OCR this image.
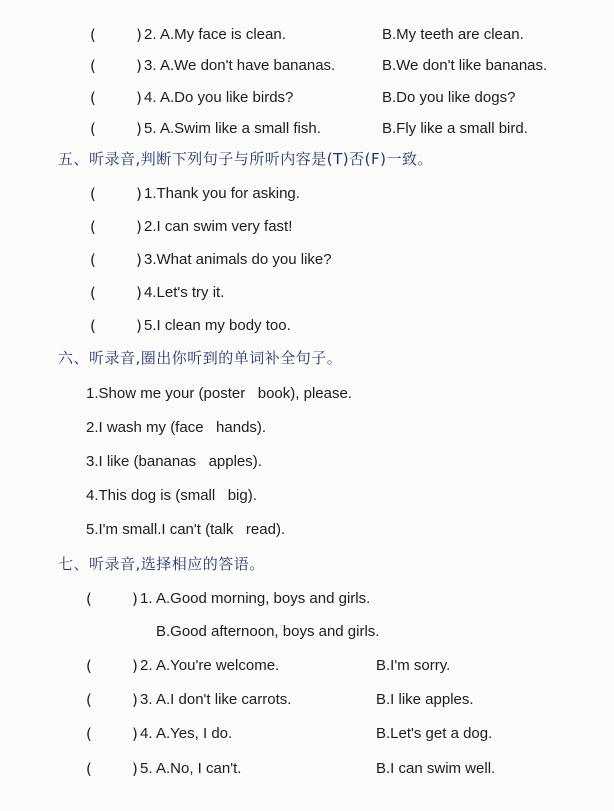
(	) 2. A.My face is clean.	B.My teeth are clean.
(	) 3. A.We don't have bananas.	B.We don't like bananas.
(	) 4. A.Do you like birds?	B.Do you like dogs?
(	) 5. A.Swim like a small fish.	B.Fly like a small bird.
五、听录音,判断下列句子与所听内容是(T)否(F)一致。
(	) 1.Thank you for asking.
(	) 2.I can swim very fast!
(	) 3.What animals do you like?
(	) 4.Let's try it.
(	) 5.I clean my body too.
六、听录音,圈出你听到的单词补全句子。
1.Show me your (poster   book), please.
2.I wash my (face   hands).
3.I like (bananas   apples).
4.This dog is (small   big).
5.I'm small.I can't (talk   read).
七、听录音,选择相应的答语。
(	) 1. A.Good morning, boys and girls.
B.Good afternoon, boys and girls.
(	) 2. A.You're welcome.	B.I'm sorry.
(	) 3. A.I don't like carrots.	B.I like apples.
(	) 4. A.Yes, I do.	B.Let's get a dog.
(	) 5. A.No, I can't.	B.I can swim well.
